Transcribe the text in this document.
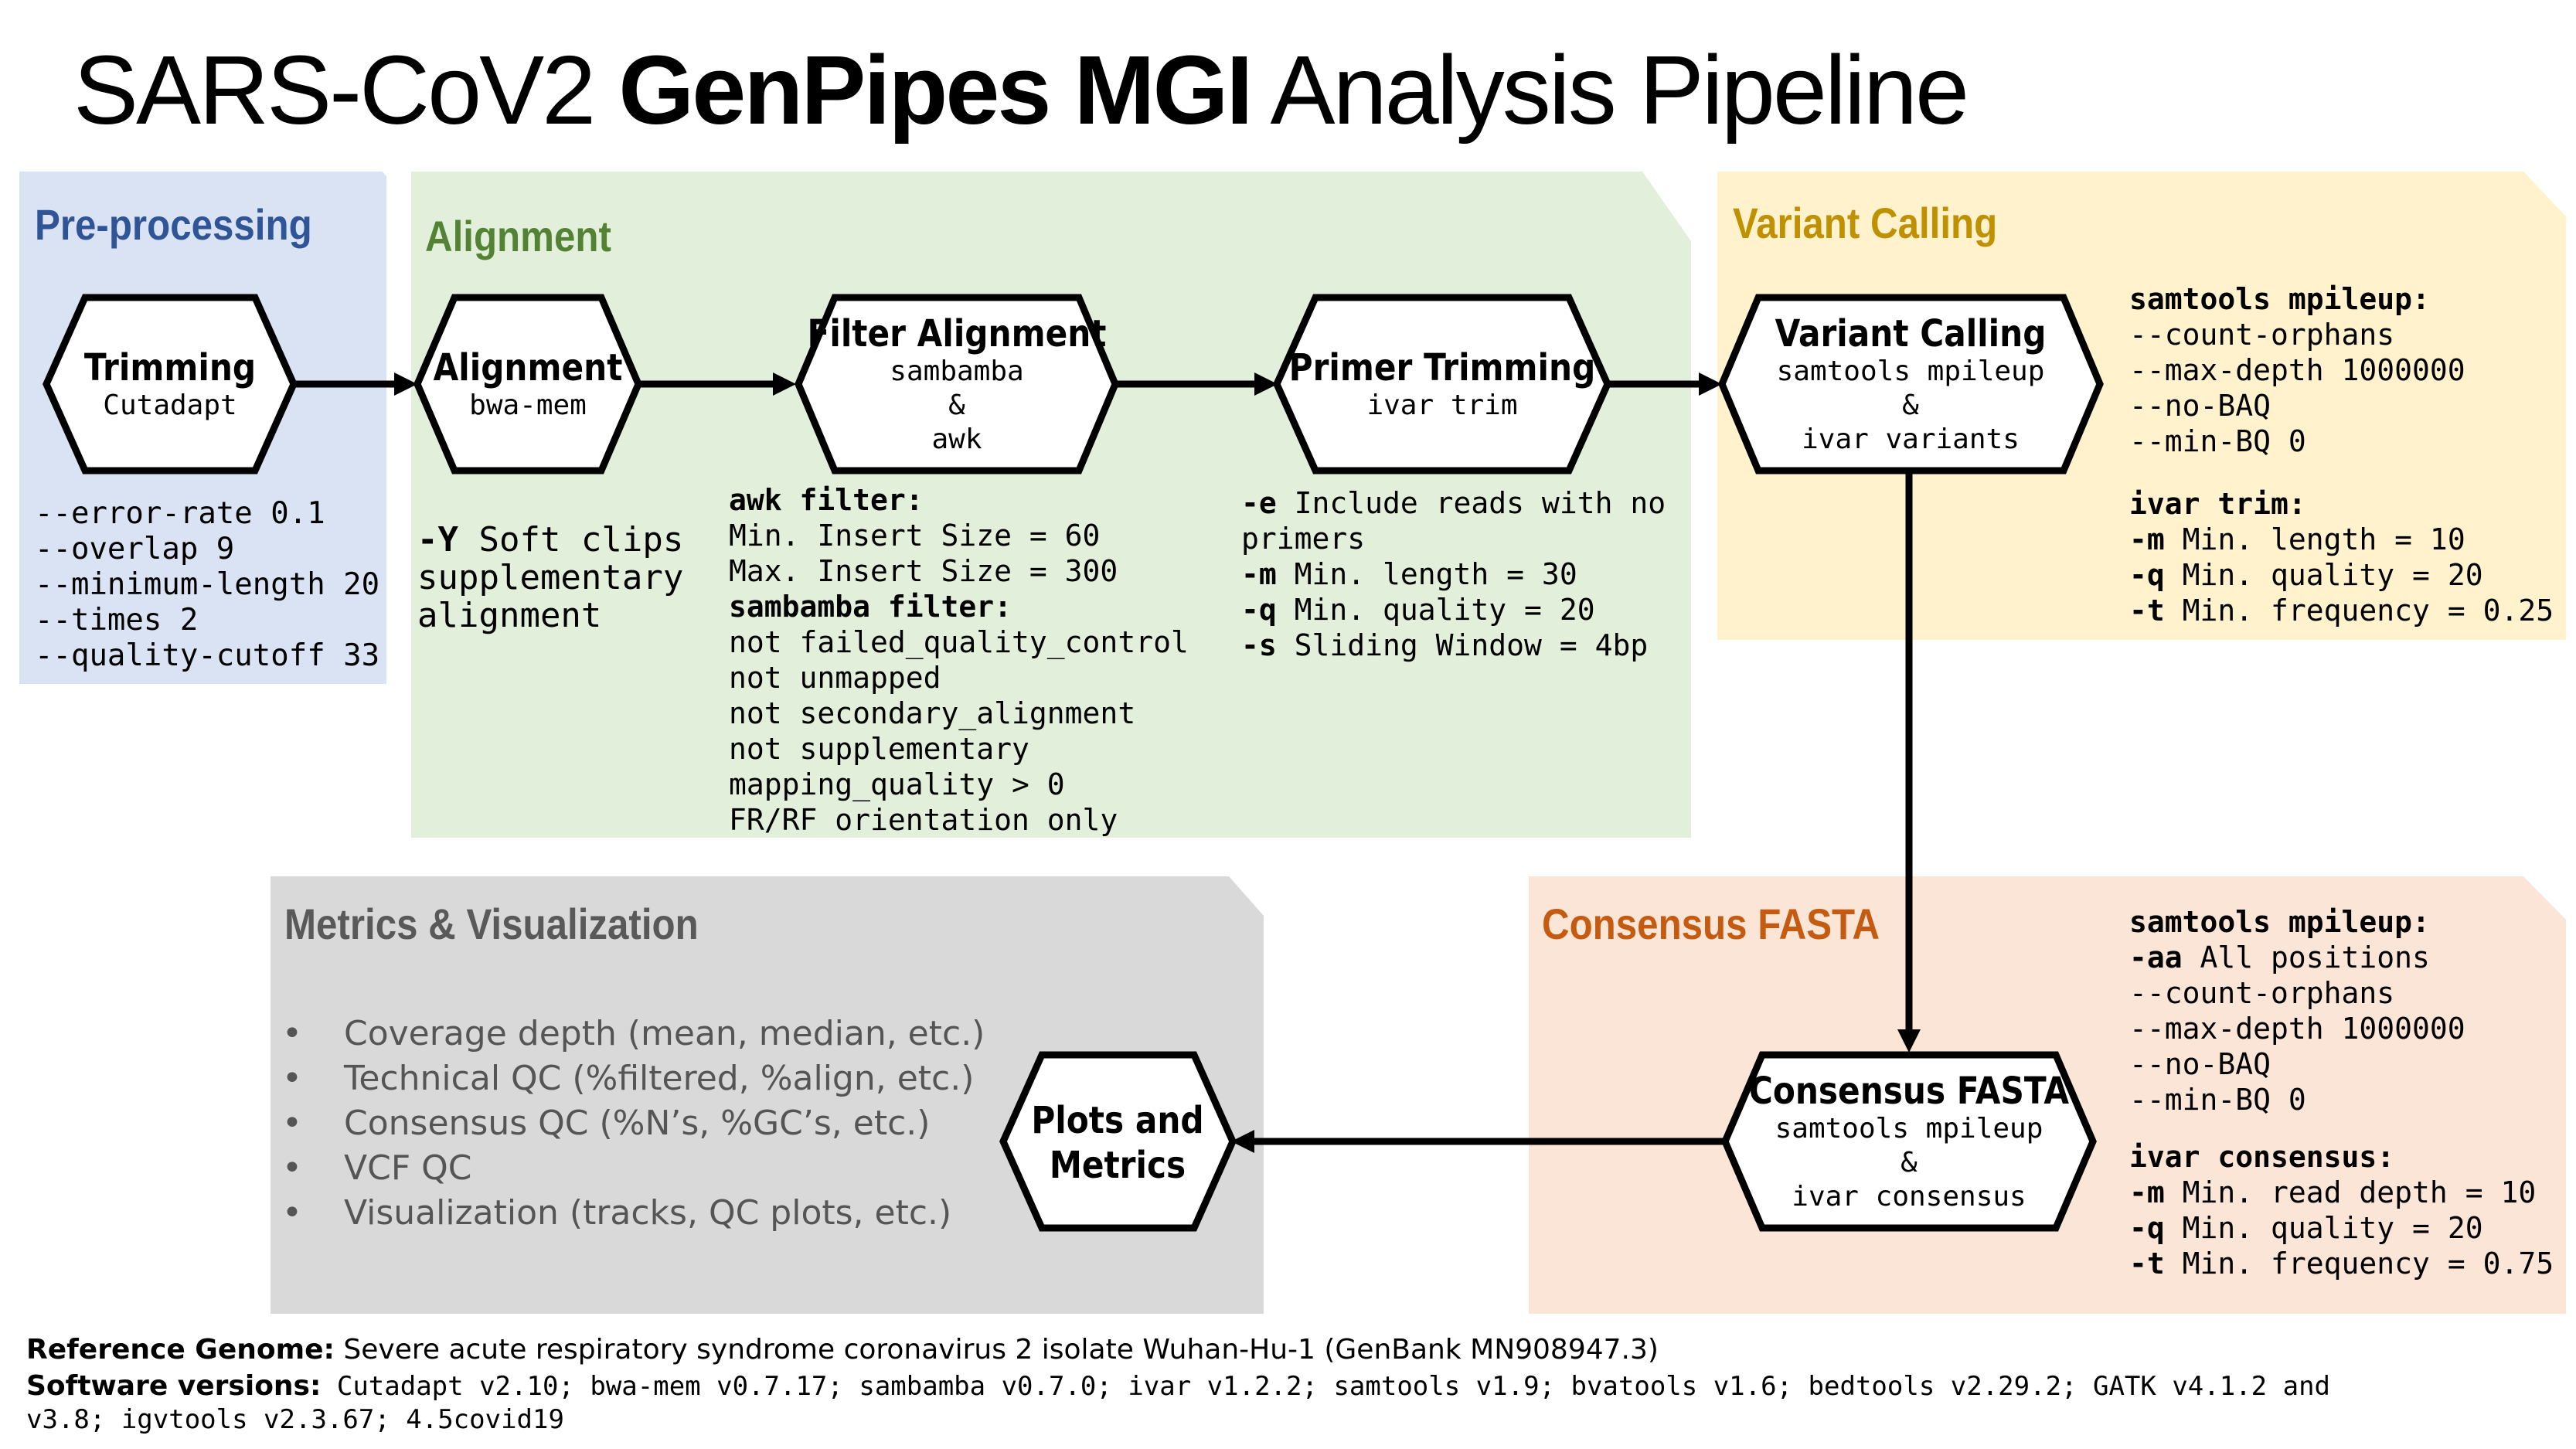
SARS-CoV2 GenPipes MGI Analysis Pipeline
Pre-processing	Alignment	Variant Calling
Consensus FASTA
Metrics & Visualization
Trimming
Cutadapt
Alignment
bwa-mem
Filter Alignment
sambamba
&
awk
Primer Trimming
ivar trim
Variant Calling
samtools mpileup
&
ivar variants
Consensus FASTA
samtools mpileup
&
ivar consensus
Plots and
Metrics
--error-rate 0.1
--overlap 9
--minimum-length 20
--times 2
--quality-cutoff 33
-Y Soft clips
supplementary
alignment
awk filter:
Min. Insert Size = 60
Max. Insert Size = 300
sambamba filter:
not failed_quality_control
not unmapped
not secondary_alignment
not supplementary
mapping_quality > 0
FR/RF orientation only
-e Include reads with no
primers
-m Min. length = 30
-q Min. quality = 20
-s Sliding Window = 4bp
samtools mpileup:
--count-orphans
--max-depth 1000000
--no-BAQ
--min-BQ 0
ivar trim:
-m Min. length = 10
-q Min. quality = 20
-t Min. frequency = 0.25
samtools mpileup:
-aa All positions
--count-orphans
--max-depth 1000000
--no-BAQ
--min-BQ 0
ivar consensus:
-m Min. read depth = 10
-q Min. quality = 20
-t Min. frequency = 0.75
• Coverage depth (mean, median, etc.)
• Technical QC (%filtered, %align, etc.)
• Consensus QC (%N’s, %GC’s, etc.)
• VCF QC
• Visualization (tracks, QC plots, etc.)
Reference Genome: Severe acute respiratory syndrome coronavirus 2 isolate Wuhan-Hu-1 (GenBank MN908947.3)
Software versions: Cutadapt v2.10; bwa-mem v0.7.17; sambamba v0.7.0; ivar v1.2.2; samtools v1.9; bvatools v1.6; bedtools v2.29.2; GATK v4.1.2 and
v3.8; igvtools v2.3.67; 4.5covid19
